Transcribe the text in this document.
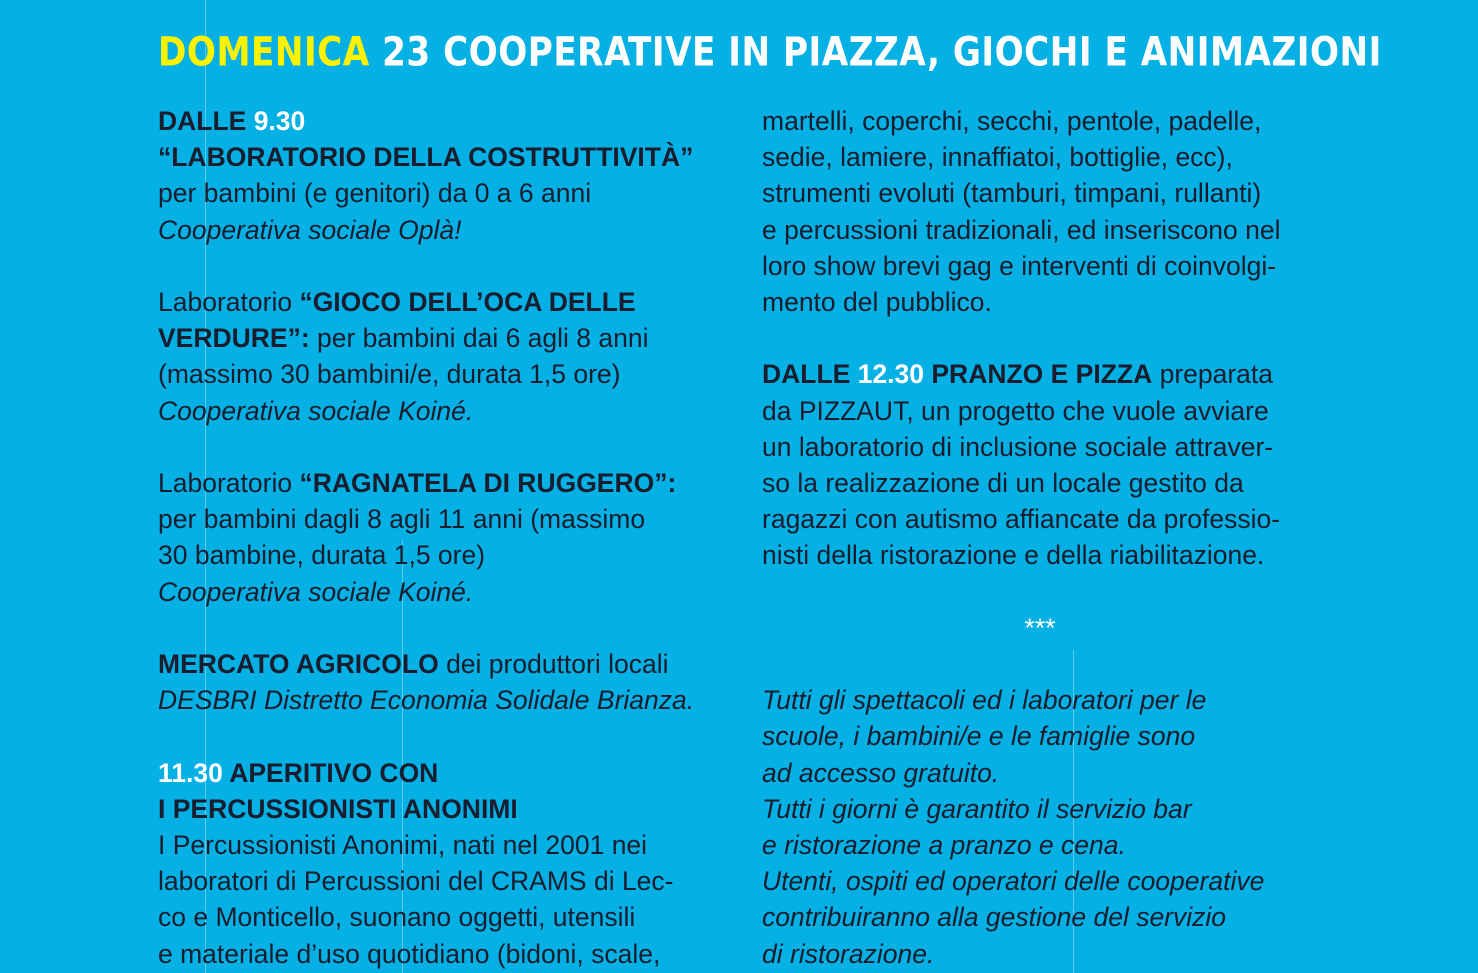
DOMENICA 23 COOPERATIVE IN PIAZZA, GIOCHI E ANIMAZIONI

DALLE 9.30

“LABORATORIO DELLA COSTRUTTIVITÀ”

per bambini (e genitori) da 0 a 6 anni

Cooperativa sociale Oplà!

Laboratorio “GIOCO DELL’OCA DELLE

VERDURE”: per bambini dai 6 agli 8 anni

(massimo 30 bambini/e, durata 1,5 ore)

Cooperativa sociale Koiné.

Laboratorio “RAGNATELA DI RUGGERO”:

per bambini dagli 8 agli 11 anni (massimo

30 bambine, durata 1,5 ore)

Cooperativa sociale Koiné.

MERCATO AGRICOLO dei produttori locali

DESBRI Distretto Economia Solidale Brianza.

11.30 APERITIVO CON

I PERCUSSIONISTI ANONIMI

I Percussionisti Anonimi, nati nel 2001 nei

laboratori di Percussioni del CRAMS di Lec-

co e Monticello, suonano oggetti, utensili

e materiale d’uso quotidiano (bidoni, scale,

martelli, coperchi, secchi, pentole, padelle,

sedie, lamiere, innaffiatoi, bottiglie, ecc),

strumenti evoluti (tamburi, timpani, rullanti)

e percussioni tradizionali, ed inseriscono nel

loro show brevi gag e interventi di coinvolgi-

mento del pubblico.

DALLE 12.30 PRANZO E PIZZA preparata

da PIZZAUT, un progetto che vuole avviare

un laboratorio di inclusione sociale attraver-

so la realizzazione di un locale gestito da

ragazzi con autismo affiancate da professio-

nisti della ristorazione e della riabilitazione.

***

Tutti gli spettacoli ed i laboratori per le

scuole, i bambini/e e le famiglie sono

ad accesso gratuito.

Tutti i giorni è garantito il servizio bar

e ristorazione a pranzo e cena.

Utenti, ospiti ed operatori delle cooperative

contribuiranno alla gestione del servizio

di ristorazione.
